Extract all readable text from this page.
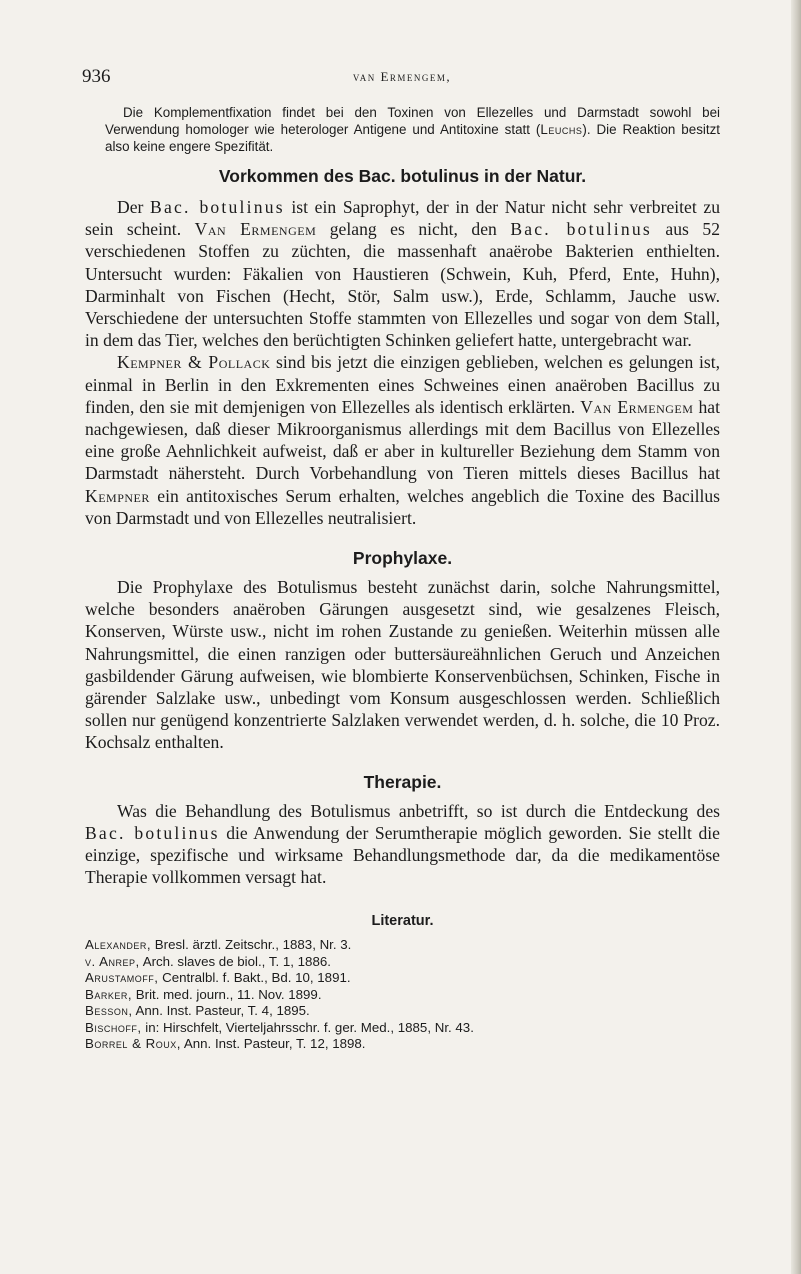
936	van Ermengem,

Die Komplementfixation findet bei den Toxinen von Ellezelles und Darmstadt sowohl bei Verwendung homologer wie heterologer Antigene und Antitoxine statt (Leuchs). Die Reaktion besitzt also keine engere Spezifität.

Vorkommen des Bac. botulinus in der Natur.

Der Bac. botulinus ist ein Saprophyt, der in der Natur nicht sehr verbreitet zu sein scheint. Van Ermengem gelang es nicht, den Bac. botulinus aus 52 verschiedenen Stoffen zu züchten, die massenhaft anaërobe Bakterien enthielten. Untersucht wurden: Fäkalien von Haustieren (Schwein, Kuh, Pferd, Ente, Huhn), Darminhalt von Fischen (Hecht, Stör, Salm usw.), Erde, Schlamm, Jauche usw. Verschiedene der untersuchten Stoffe stammten von Ellezelles und sogar von dem Stall, in dem das Tier, welches den berüchtigten Schinken geliefert hatte, untergebracht war.

Kempner & Pollack sind bis jetzt die einzigen geblieben, welchen es gelungen ist, einmal in Berlin in den Exkrementen eines Schweines einen anaëroben Bacillus zu finden, den sie mit demjenigen von Ellezelles als identisch erklärten. Van Ermengem hat nachgewiesen, daß dieser Mikroorganismus allerdings mit dem Bacillus von Ellezelles eine große Aehnlichkeit aufweist, daß er aber in kultureller Beziehung dem Stamm von Darmstadt nähersteht. Durch Vorbehandlung von Tieren mittels dieses Bacillus hat Kempner ein antitoxisches Serum erhalten, welches angeblich die Toxine des Bacillus von Darmstadt und von Ellezelles neutralisiert.

Prophylaxe.

Die Prophylaxe des Botulismus besteht zunächst darin, solche Nahrungsmittel, welche besonders anaëroben Gärungen ausgesetzt sind, wie gesalzenes Fleisch, Konserven, Würste usw., nicht im rohen Zustande zu genießen. Weiterhin müssen alle Nahrungsmittel, die einen ranzigen oder buttersäureähnlichen Geruch und Anzeichen gasbildender Gärung aufweisen, wie blombierte Konservenbüchsen, Schinken, Fische in gärender Salzlake usw., unbedingt vom Konsum ausgeschlossen werden. Schließlich sollen nur genügend konzentrierte Salzlaken verwendet werden, d. h. solche, die 10 Proz. Kochsalz enthalten.

Therapie.

Was die Behandlung des Botulismus anbetrifft, so ist durch die Entdeckung des Bac. botulinus die Anwendung der Serumtherapie möglich geworden. Sie stellt die einzige, spezifische und wirksame Behandlungsmethode dar, da die medikamentöse Therapie vollkommen versagt hat.

Literatur.
Alexander, Bresl. ärztl. Zeitschr., 1883, Nr. 3.
v. Anrep, Arch. slaves de biol., T. 1, 1886.
Arustamoff, Centralbl. f. Bakt., Bd. 10, 1891.
Barker, Brit. med. journ., 11. Nov. 1899.
Besson, Ann. Inst. Pasteur, T. 4, 1895.
Bischoff, in: Hirschfelt, Vierteljahrsschr. f. ger. Med., 1885, Nr. 43.
Borrel & Roux, Ann. Inst. Pasteur, T. 12, 1898.
